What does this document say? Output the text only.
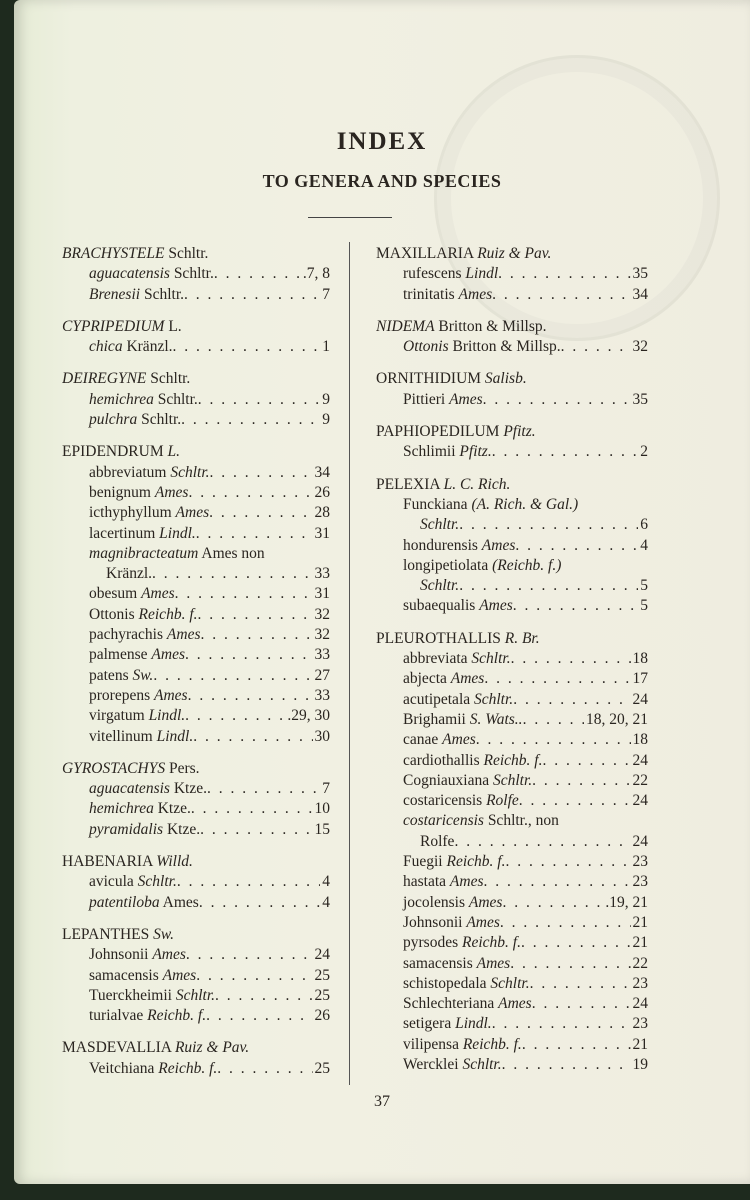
INDEX
TO GENERA AND SPECIES
BRACHYSTELE Schltr.
aguacatensis Schltr. . . .	.7, 8
Brenesii Schltr. . . .	7
CYPRIPEDIUM L.
chica Kränzl. . . .	1
DEIREGYNE Schltr.
hemichrea Schltr. . . .	9
pulchra Schltr. . . .	9
EPIDENDRUM L.
abbreviatum Schltr. . . .	34
benignum Ames . . .	26
icthyphyllum Ames . . .	28
lacertinum Lindl. . . .	31
magnibracteatum Ames non
Kränzl. . . .	33
obesum Ames . . .	31
Ottonis Reichb. f. . . .	32
pachyrachis Ames . . .	32
palmense Ames . . .	33
patens Sw. . . .	27
prorepens Ames . . .	33
virgatum Lindl. . . .	.29, 30
vitellinum Lindl. . . .	30
GYROSTACHYS Pers.
aguacatensis Ktze. . . .	7
hemichrea Ktze. . . .	10
pyramidalis Ktze. . . .	15
HABENARIA Willd.
avicula Schltr. . . .	4
patentiloba Ames . . .	4
LEPANTHES Sw.
Johnsonii Ames . . .	24
samacensis Ames . . .	25
Tuerckheimii Schltr. . . .	25
turialvae Reichb. f. . . .	26
MASDEVALLIA Ruiz & Pav.
Veitchiana Reichb. f. . . .	25
MAXILLARIA Ruiz & Pav.
rufescens Lindl . . .	35
trinitatis Ames . . .	34
NIDEMA Britton & Millsp.
Ottonis Britton & Millsp. . . .	32
ORNITHIDIUM Salisb.
Pittieri Ames . . .	35
PAPHIOPEDILUM Pfitz.
Schlimii Pfitz. . . .	2
PELEXIA L. C. Rich.
Funckiana (A. Rich. & Gal.)
Schltr. . . .	6
hondurensis Ames . . .	4
longipetiolata (Reichb. f.)
Schltr. . . .	5
subaequalis Ames . . .	5
PLEUROTHALLIS R. Br.
abbreviata Schltr. . . .	18
abjecta Ames . . .	17
acutipetala Schltr. . . .	24
Brighamii S. Wats.. . . .	18, 20, 21
canae Ames . . .	18
cardiothallis Reichb. f. . . .	24
Cogniauxiana Schltr. . . .	22
costaricensis Rolfe . . .	24
costaricensis Schltr., non
Rolfe . . .	24
Fuegii Reichb. f. . . .	23
hastata Ames . . .	23
jocolensis Ames . . .	.19, 21
Johnsonii Ames . . .	21
pyrsodes Reichb. f. . . .	21
samacensis Ames . . .	22
schistopedala Schltr. . . .	23
Schlechteriana Ames . . .	24
setigera Lindl. . . .	23
vilipensa Reichb. f. . . .	21
Wercklei Schltr. . . .	19
37
